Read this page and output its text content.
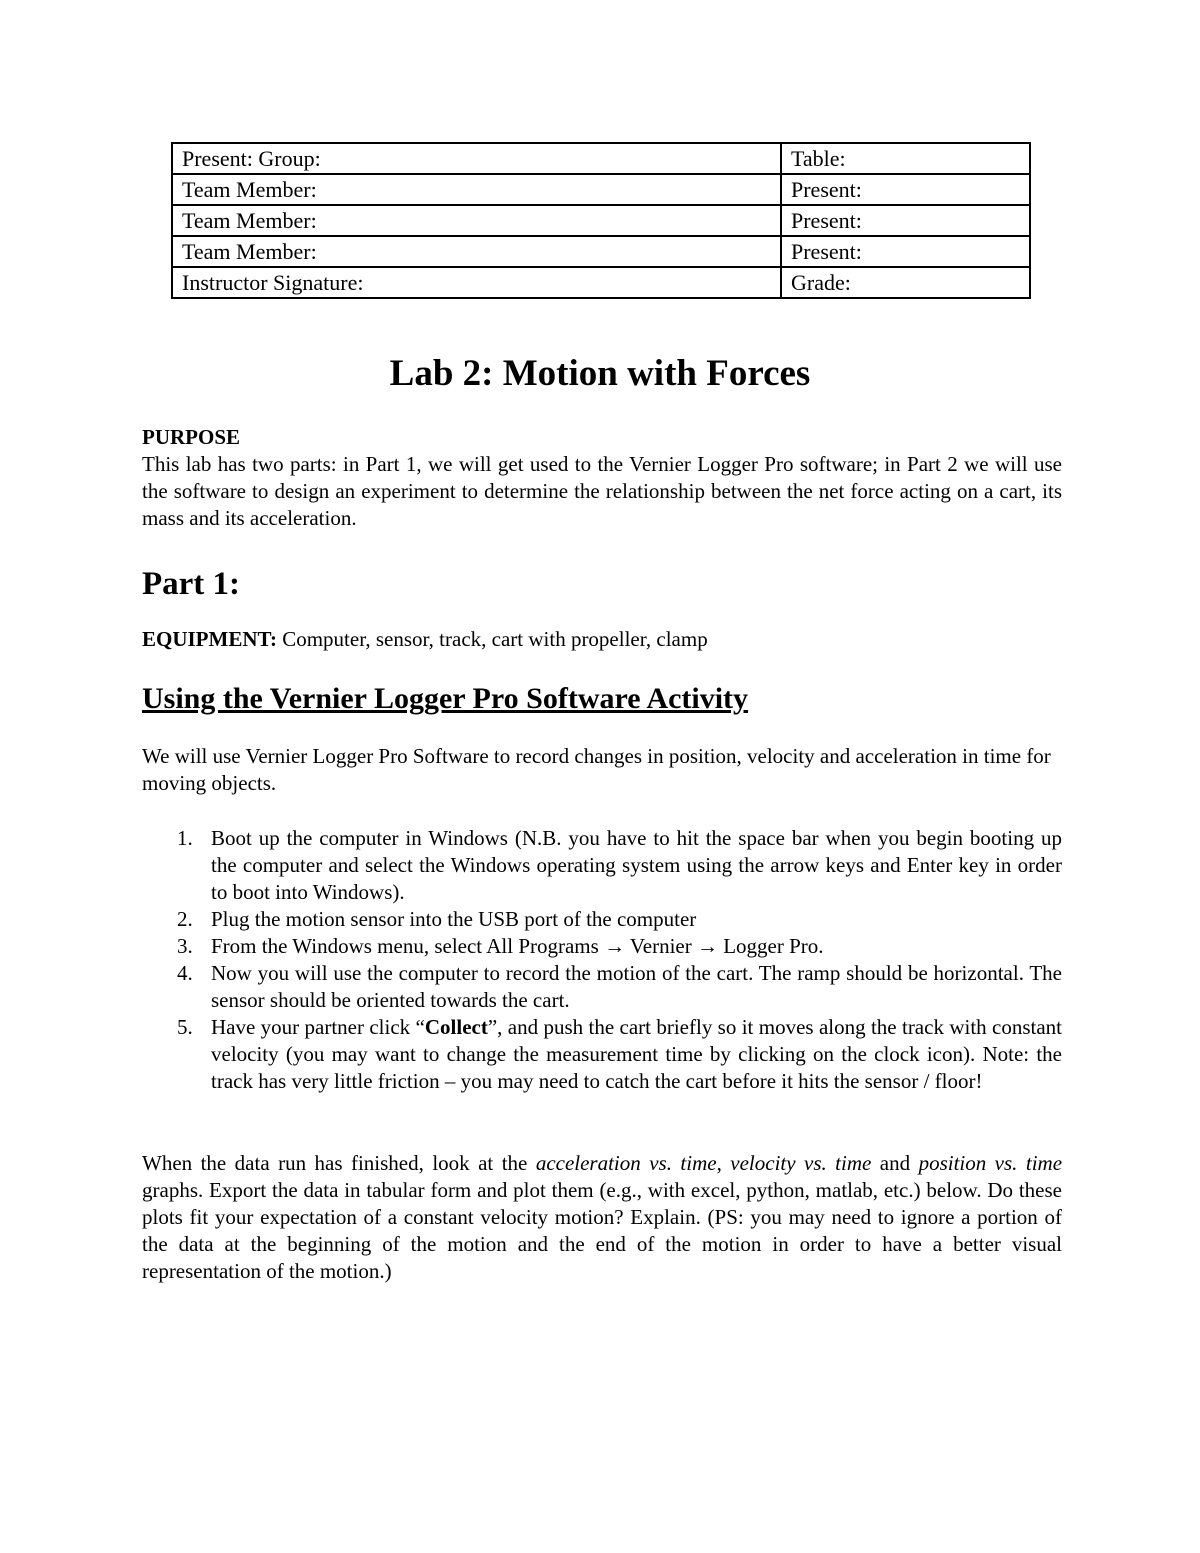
Present: Group:	Table:
Team Member:	Present:
Team Member:	Present:
Team Member:	Present:
Instructor Signature:	Grade:
Lab 2: Motion with Forces

PURPOSE

This lab has two parts: in Part 1, we will get used to the Vernier Logger Pro software; in Part 2 we will use the software to design an experiment to determine the relationship between the net force acting on a cart, its mass and its acceleration.

Part 1:

EQUIPMENT: Computer, sensor, track, cart with propeller, clamp

Using the Vernier Logger Pro Software Activity

We will use Vernier Logger Pro Software to record changes in position, velocity and acceleration in time for moving objects.

1. Boot up the computer in Windows (N.B. you have to hit the space bar when you begin booting up the computer and select the Windows operating system using the arrow keys and Enter key in order to boot into Windows).
2. Plug the motion sensor into the USB port of the computer
3. From the Windows menu, select All Programs → Vernier → Logger Pro.
4. Now you will use the computer to record the motion of the cart. The ramp should be horizontal. The sensor should be oriented towards the cart.
5. Have your partner click “Collect”, and push the cart briefly so it moves along the track with constant velocity (you may want to change the measurement time by clicking on the clock icon). Note: the track has very little friction – you may need to catch the cart before it hits the sensor / floor!

When the data run has finished, look at the acceleration vs. time, velocity vs. time and position vs. time graphs. Export the data in tabular form and plot them (e.g., with excel, python, matlab, etc.) below. Do these plots fit your expectation of a constant velocity motion? Explain. (PS: you may need to ignore a portion of the data at the beginning of the motion and the end of the motion in order to have a better visual representation of the motion.)
